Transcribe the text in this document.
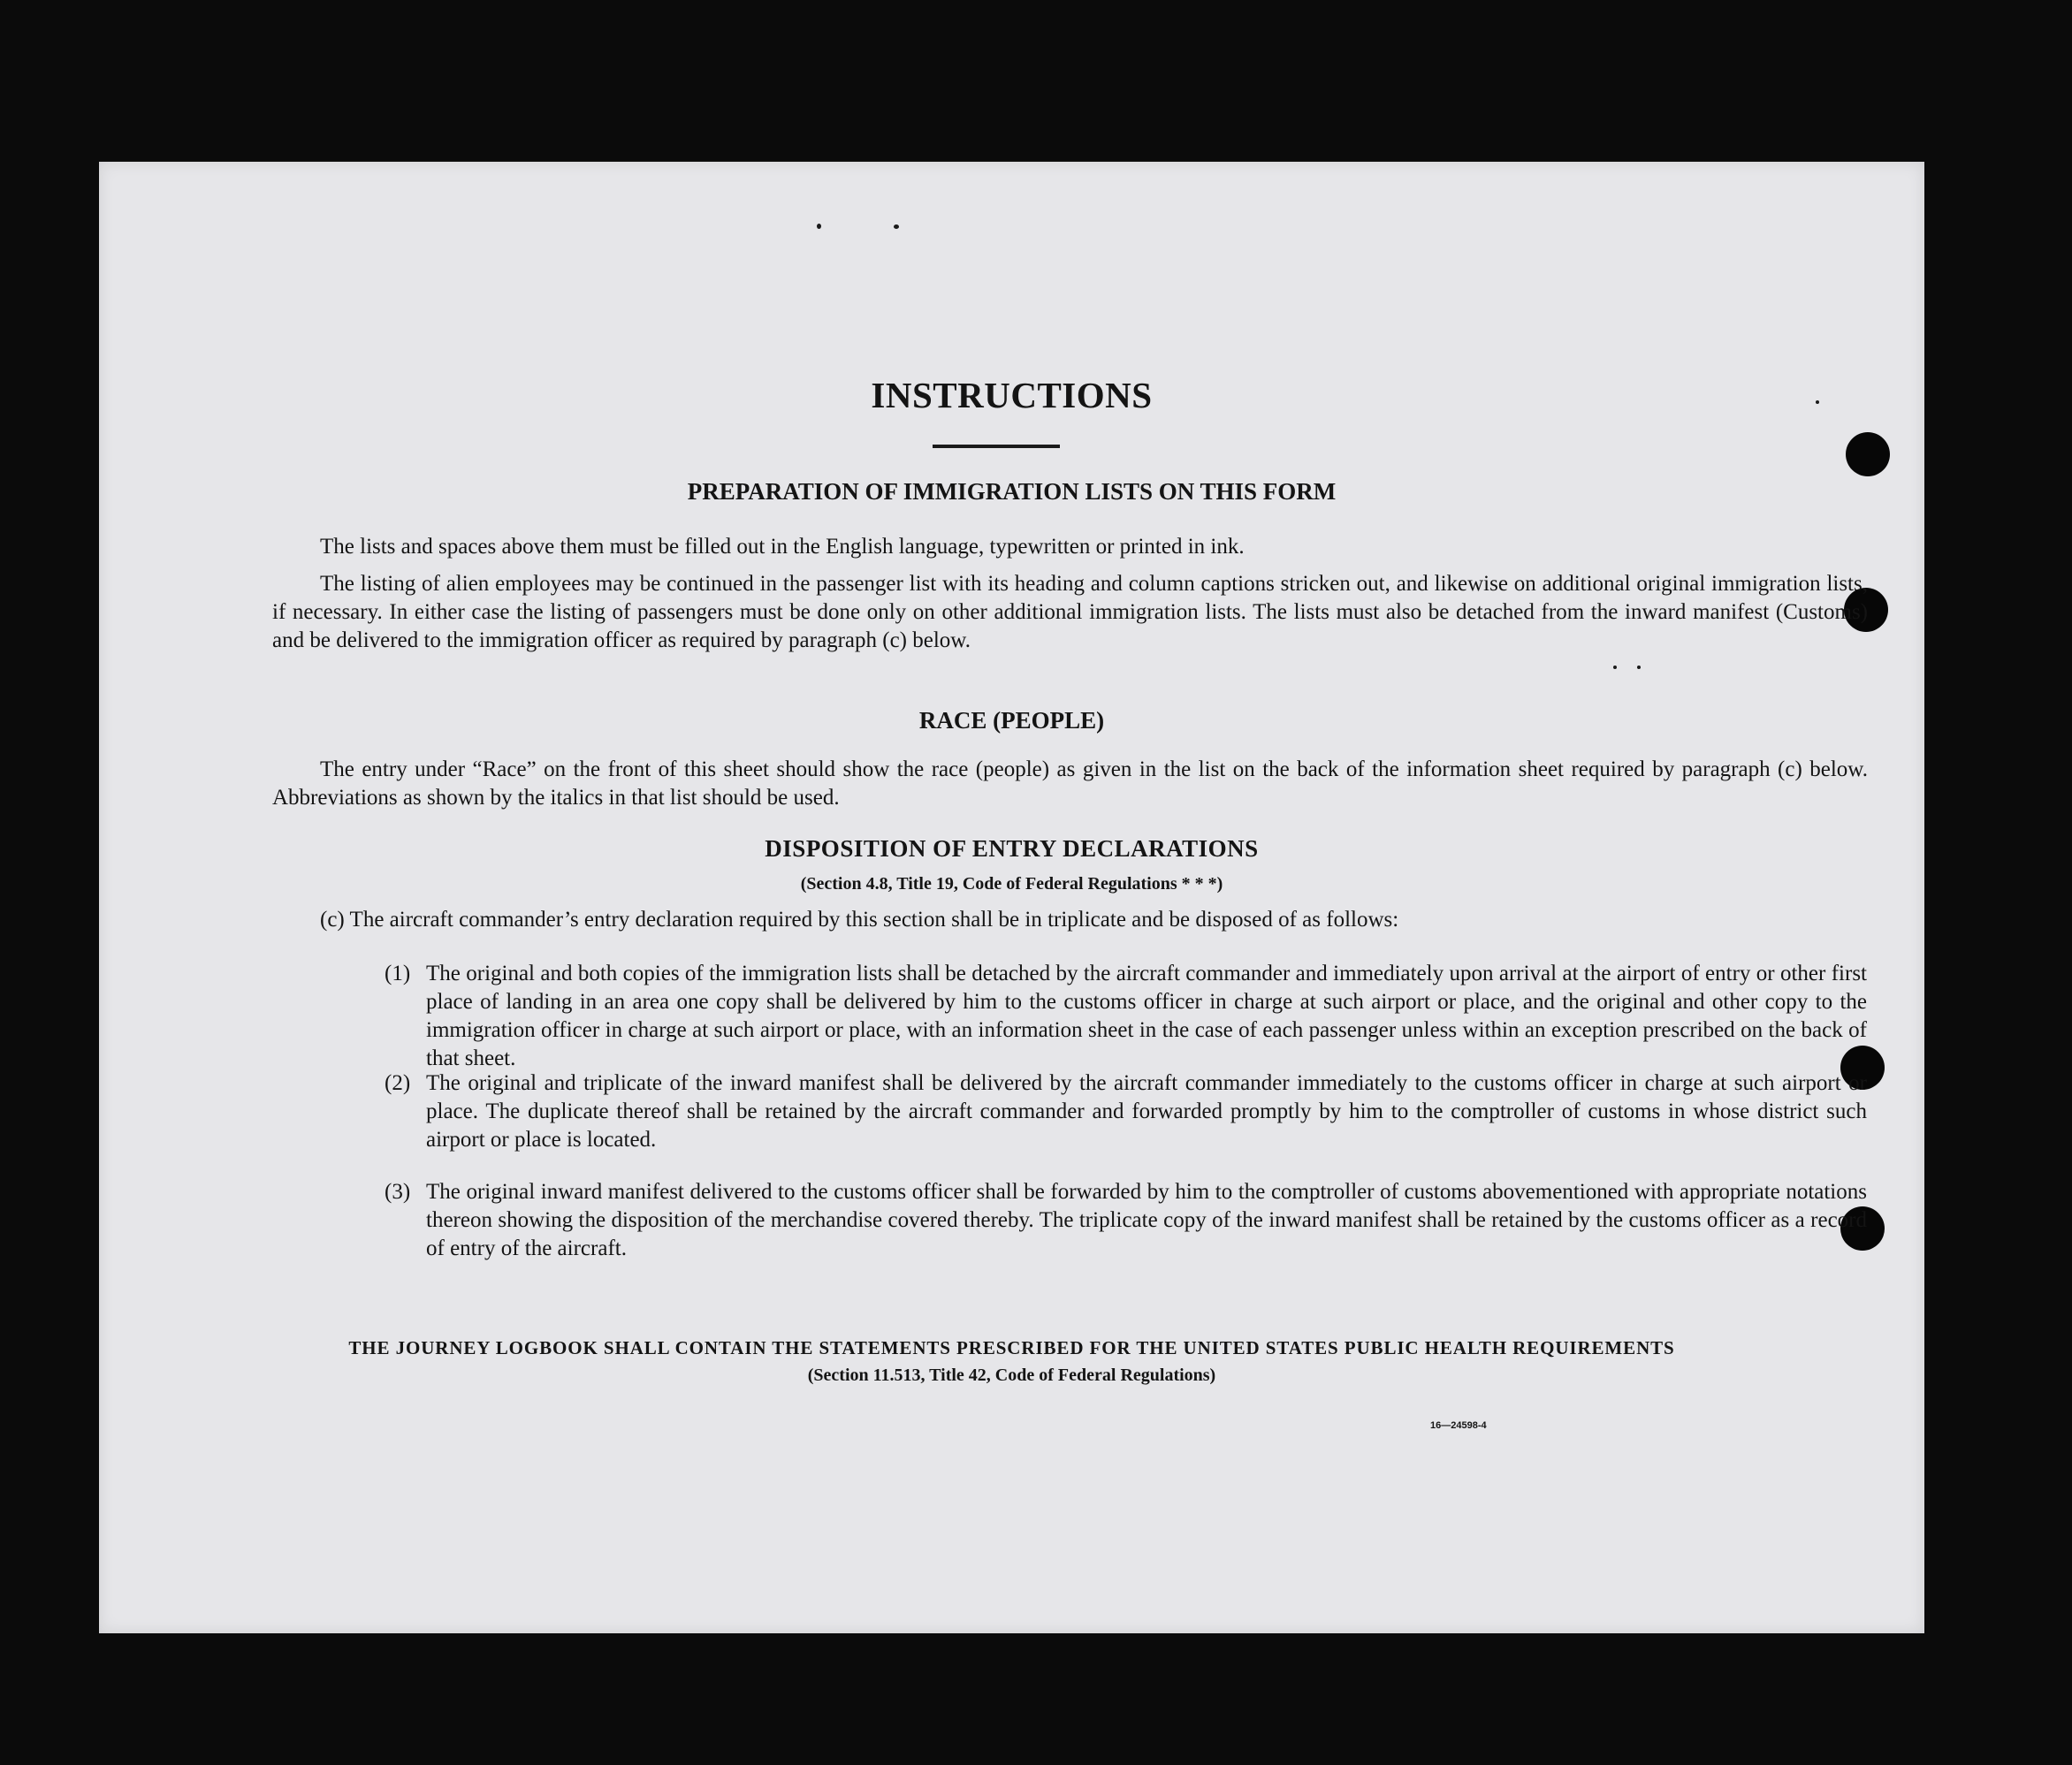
INSTRUCTIONS
PREPARATION OF IMMIGRATION LISTS ON THIS FORM
The lists and spaces above them must be filled out in the English language, typewritten or printed in ink.
The listing of alien employees may be continued in the passenger list with its heading and column captions stricken out, and likewise on additional original immigration lists, if necessary. In either case the listing of passengers must be done only on other additional immigration lists. The lists must also be detached from the inward manifest (Customs) and be delivered to the immigration officer as required by paragraph (c) below.
RACE (PEOPLE)
The entry under “Race” on the front of this sheet should show the race (people) as given in the list on the back of the information sheet required by paragraph (c) below. Abbreviations as shown by the italics in that list should be used.
DISPOSITION OF ENTRY DECLARATIONS
(Section 4.8, Title 19, Code of Federal Regulations * * *)
(c) The aircraft commander’s entry declaration required by this section shall be in triplicate and be disposed of as follows:
(1) The original and both copies of the immigration lists shall be detached by the aircraft commander and immediately upon arrival at the airport of entry or other first place of landing in an area one copy shall be delivered by him to the customs officer in charge at such airport or place, and the original and other copy to the immigration officer in charge at such airport or place, with an information sheet in the case of each passenger unless within an exception prescribed on the back of that sheet.
(2) The original and triplicate of the inward manifest shall be delivered by the aircraft commander immediately to the customs officer in charge at such airport or place. The duplicate thereof shall be retained by the aircraft commander and forwarded promptly by him to the comptroller of customs in whose district such airport or place is located.
(3) The original inward manifest delivered to the customs officer shall be forwarded by him to the comptroller of customs abovementioned with appropriate notations thereon showing the disposition of the merchandise covered thereby. The triplicate copy of the inward manifest shall be retained by the customs officer as a record of entry of the aircraft.
THE JOURNEY LOGBOOK SHALL CONTAIN THE STATEMENTS PRESCRIBED FOR THE UNITED STATES PUBLIC HEALTH REQUIREMENTS
(Section 11.513, Title 42, Code of Federal Regulations)
16—24598-4
